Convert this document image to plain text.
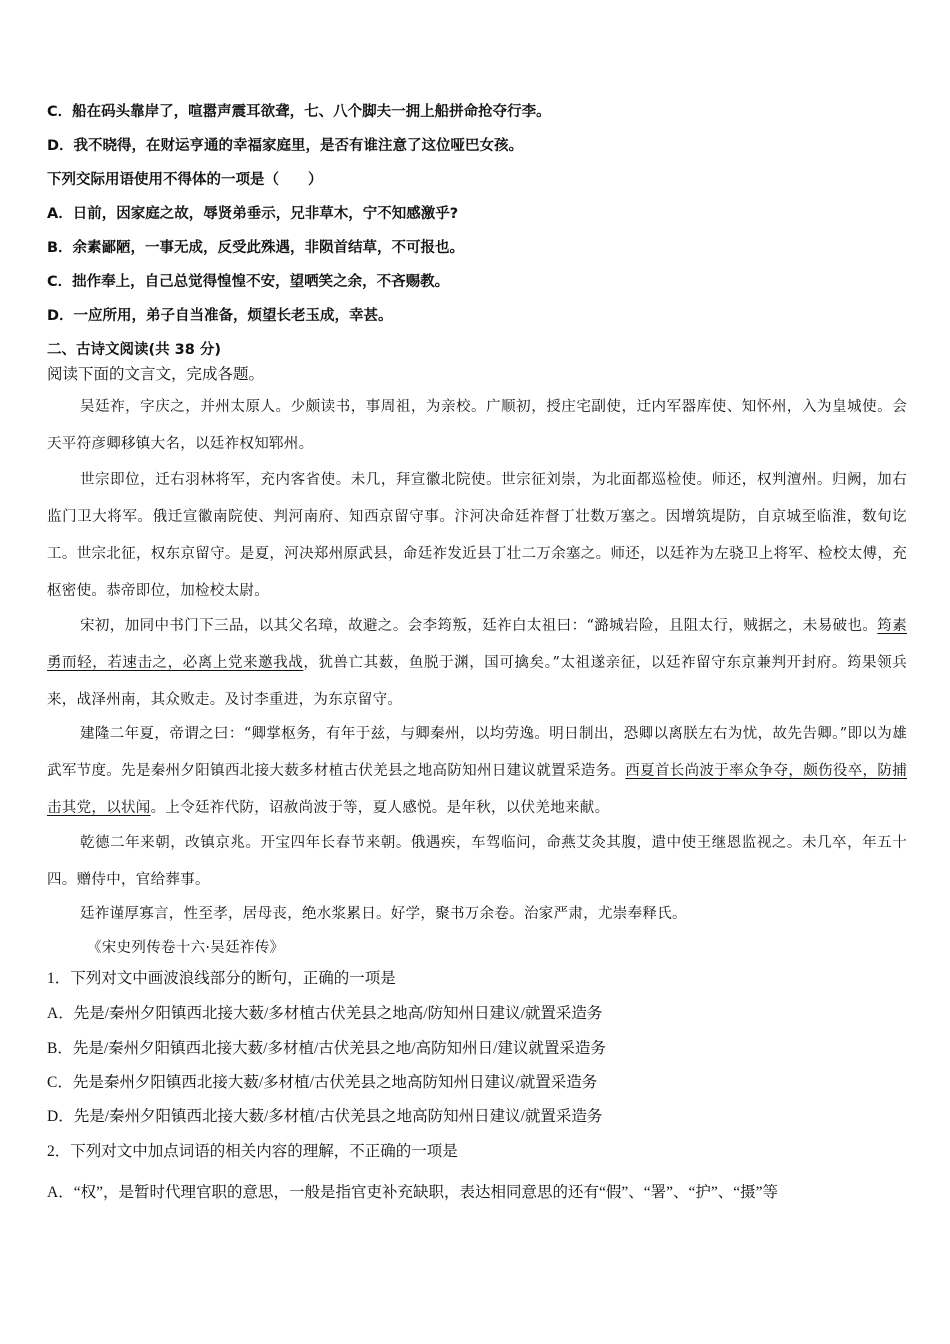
C．船在码头靠岸了，喧嚣声震耳欲聋，七、八个脚夫一拥上船拼命抢夺行李。
D．我不晓得，在财运亨通的幸福家庭里，是否有谁注意了这位哑巴女孩。
下列交际用语使用不得体的一项是（　　）
A．日前，因家庭之故，辱贤弟垂示，兄非草木，宁不知感激乎?
B．余素鄙陋，一事无成，反受此殊遇，非陨首结草，不可报也。
C．拙作奉上，自己总觉得惶惶不安，望哂笑之余，不吝赐教。
D．一应所用，弟子自当准备，烦望长老玉成，幸甚。
二、古诗文阅读(共 38 分)
阅读下面的文言文，完成各题。
吴廷祚，字庆之，并州太原人。少颇读书，事周祖，为亲校。广顺初，授庄宅副使，迁内军器库使、知怀州，入为皇城使。会天平符彦卿移镇大名，以廷祚权知郓州。
世宗即位，迁右羽林将军，充内客省使。未几，拜宣徽北院使。世宗征刘崇，为北面都巡检使。师还，权判澶州。归阙，加右监门卫大将军。俄迁宣徽南院使、判河南府、知西京留守事。汴河决命廷祚督丁壮数万塞之。因增筑堤防，自京城至临淮，数旬讫工。世宗北征，权东京留守。是夏，河决郑州原武县，命廷祚发近县丁壮二万余塞之。师还，以廷祚为左骁卫上将军、检校太傅，充枢密使。恭帝即位，加检校太尉。
宋初，加同中书门下三品，以其父名璋，故避之。会李筠叛，廷祚白太祖曰：“潞城岩险，且阻太行，贼据之，未易破也。筠素勇而轻，若速击之，必离上党来邀我战，犹兽亡其薮，鱼脱于渊，国可擒矣。”太祖遂亲征，以廷祚留守东京兼判开封府。筠果领兵来，战泽州南，其众败走。及讨李重进，为东京留守。
建隆二年夏，帝谓之曰：“卿掌枢务，有年于兹，与卿秦州，以均劳逸。明日制出，恐卿以离朕左右为忧，故先告卿。”即以为雄武军节度。先是秦州夕阳镇西北接大薮多材植古伏羌县之地高防知州日建议就置采造务。西夏首长尚波于率众争夺，颇伤役卒，防捕击其党，以状闻。上令廷祚代防，诏赦尚波于等，夏人感悦。是年秋，以伏羌地来献。
乾德二年来朝，改镇京兆。开宝四年长春节来朝。俄遇疾，车驾临问，命燕艾灸其腹，遣中使王继恩监视之。未几卒，年五十四。赠侍中，官给葬事。
廷祚谨厚寡言，性至孝，居母丧，绝水浆累日。好学，聚书万余卷。治家严肃，尤崇奉释氏。
《宋史列传卷十六·吴廷祚传》
1．下列对文中画波浪线部分的断句，正确的一项是
A．先是/秦州夕阳镇西北接大薮/多材植古伏羌县之地高/防知州日建议/就置采造务
B．先是/秦州夕阳镇西北接大薮/多材植/古伏羌县之地/高防知州日/建议就置采造务
C．先是秦州夕阳镇西北接大薮/多材植/古伏羌县之地高防知州日建议/就置采造务
D．先是/秦州夕阳镇西北接大薮/多材植/古伏羌县之地高防知州日建议/就置采造务
2．下列对文中加点词语的相关内容的理解，不正确的一项是
A．“权”，是暂时代理官职的意思，一般是指官吏补充缺职，表达相同意思的还有“假”、“署”、“护”、“摄”等
